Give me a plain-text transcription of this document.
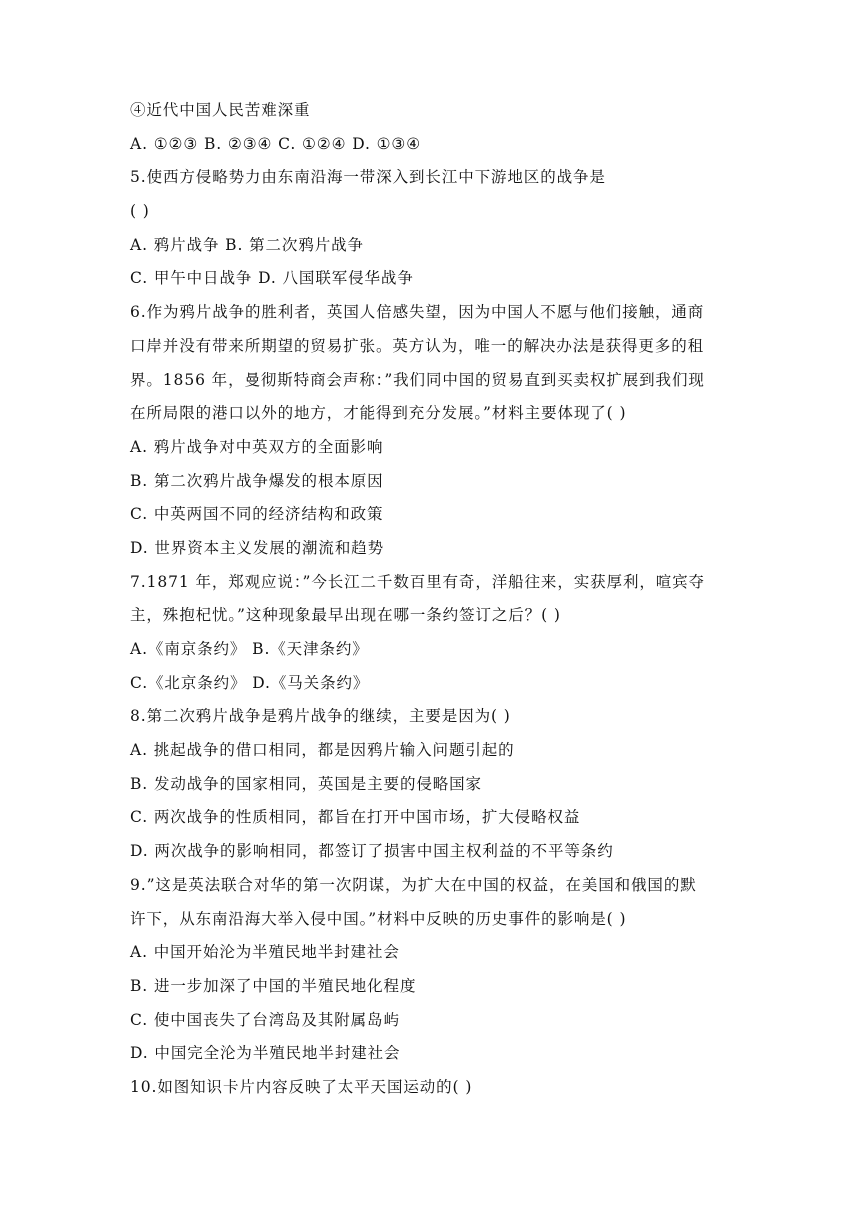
④近代中国人民苦难深重
A. ①②③ B. ②③④ C. ①②④ D. ①③④
5.使西方侵略势力由东南沿海一带深入到长江中下游地区的战争是
( )
A. 鸦片战争 B. 第二次鸦片战争
C. 甲午中日战争 D. 八国联军侵华战争
6.作为鸦片战争的胜利者，英国人倍感失望，因为中国人不愿与他们接触，通商
口岸并没有带来所期望的贸易扩张。英方认为，唯一的解决办法是获得更多的租
界。1856 年，曼彻斯特商会声称：”我们同中国的贸易直到买卖权扩展到我们现
在所局限的港口以外的地方，才能得到充分发展。”材料主要体现了( )
A. 鸦片战争对中英双方的全面影响
B. 第二次鸦片战争爆发的根本原因
C. 中英两国不同的经济结构和政策
D. 世界资本主义发展的潮流和趋势
7.1871 年，郑观应说：”今长江二千数百里有奇，洋船往来，实获厚利，喧宾夺
主，殊抱杞忧。”这种现象最早出现在哪一条约签订之后？( )
A.《南京条约》 B.《天津条约》
C.《北京条约》 D.《马关条约》
8.第二次鸦片战争是鸦片战争的继续，主要是因为( )
A. 挑起战争的借口相同，都是因鸦片输入问题引起的
B. 发动战争的国家相同，英国是主要的侵略国家
C. 两次战争的性质相同，都旨在打开中国市场，扩大侵略权益
D. 两次战争的影响相同，都签订了损害中国主权利益的不平等条约
9.”这是英法联合对华的第一次阴谋，为扩大在中国的权益，在美国和俄国的默
许下，从东南沿海大举入侵中国。”材料中反映的历史事件的影响是( )
A. 中国开始沦为半殖民地半封建社会
B. 进一步加深了中国的半殖民地化程度
C. 使中国丧失了台湾岛及其附属岛屿
D. 中国完全沦为半殖民地半封建社会
10.如图知识卡片内容反映了太平天国运动的( )
